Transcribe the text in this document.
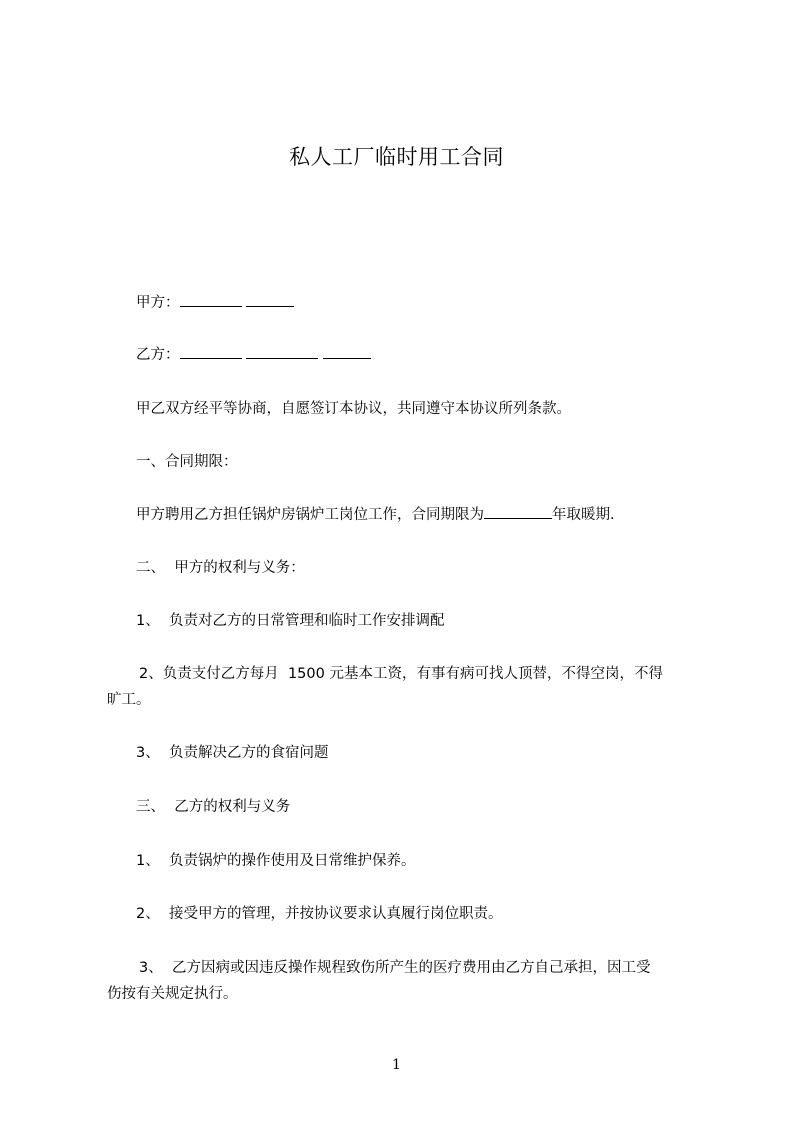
私人工厂临时用工合同
甲方：
乙方：
甲乙双方经平等协商，自愿签订本协议，共同遵守本协议所列条款。
一、合同期限：
甲方聘用乙方担任锅炉房锅炉工岗位工作，合同期限为	年取暖期.
二、  甲方的权利与义务：
1、  负责对乙方的日常管理和临时工作安排调配
2、负责支付乙方每月  1500 元基本工资，有事有病可找人顶替，不得空岗，不得
旷工。
3、  负责解决乙方的食宿问题
三、  乙方的权利与义务
1、  负责锅炉的操作使用及日常维护保养。
2、  接受甲方的管理，并按协议要求认真履行岗位职责。
3、  乙方因病或因违反操作规程致伤所产生的医疗费用由乙方自己承担，因工受
伤按有关规定执行。
1
